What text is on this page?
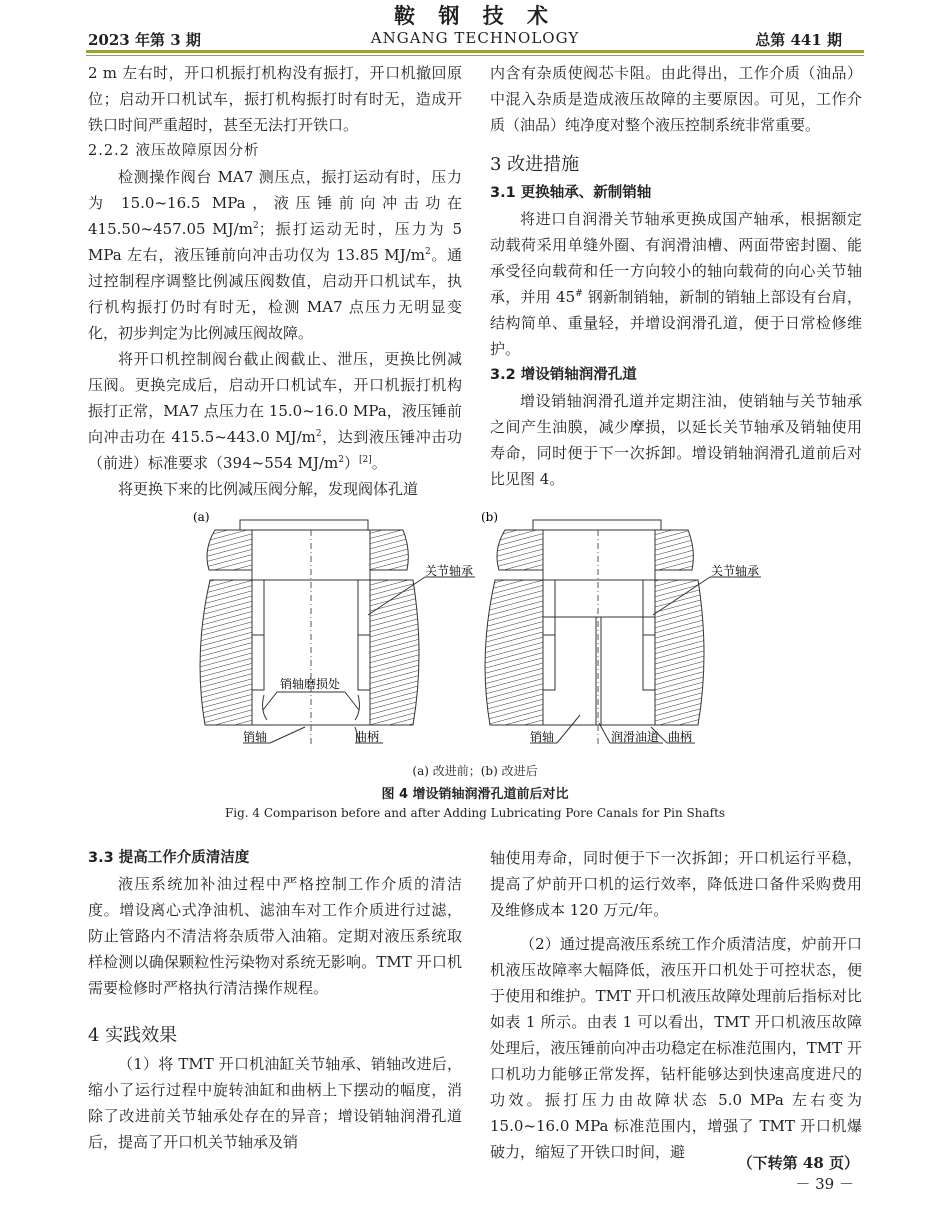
鞍 钢 技 术
2023 年第 3 期	ANGANG TECHNOLOGY	总第 441 期

2 m 左右时，开口机振打机构没有振打，开口机撤回原位；启动开口机试车，振打机构振打时有时无，造成开铁口时间严重超时，甚至无法打开铁口。

2.2.2 液压故障原因分析

检测操作阀台 MA7 测压点，振打运动有时，压力为 15.0~16.5 MPa，液压锤前向冲击功在 415.50~457.05 $MJ/m^2$；振打运动无时，压力为 5 MPa 左右，液压锤前向冲击功仅为 13.85 $MJ/m^2$。通过控制程序调整比例减压阀数值，启动开口机试车，执行机构振打仍时有时无，检测 MA7 点压力无明显变化，初步判定为比例减压阀故障。

将开口机控制阀台截止阀截止、泄压，更换比例减压阀。更换完成后，启动开口机试车，开口机振打机构振打正常，MA7 点压力在 15.0~16.0 MPa，液压锤前向冲击功在 415.5~443.0 $MJ/m^2$，达到液压锤冲击功（前进）标准要求（394~554 $MJ/m^2)[2]$。

将更换下来的比例减压阀分解，发现阀体孔道

内含有杂质使阀芯卡阻。由此得出，工作介质（油品）中混入杂质是造成液压故障的主要原因。可见，工作介质（油品）纯净度对整个液压控制系统非常重要。

3 改进措施

3.1 更换轴承、新制销轴

将进口自润滑关节轴承更换成国产轴承，根据额定动载荷采用单缝外圈、有润滑油槽、两面带密封圈、能承受径向载荷和任一方向较小的轴向载荷的向心关节轴承，并用 45# 钢新制销轴，新制的销轴上部设有台肩，结构简单、重量轻，并增设润滑孔道，便于日常检修维护。

3.2 增设销轴润滑孔道

增设销轴润滑孔道并定期注油，使销轴与关节轴承之间产生油膜，减少摩损，以延长关节轴承及销轴使用寿命，同时便于下一次拆卸。增设销轴润滑孔道前后对比见图 4。

(a)
关节轴承
销轴磨损处
销轴	曲柄
(b)
关节轴承
销轴	润滑油道 曲柄
(a) 改进前；(b) 改进后
图 4 增设销轴润滑孔道前后对比
Fig. 4 Comparison before and after Adding Lubricating Pore Canals for Pin Shafts

3.3 提高工作介质清洁度

液压系统加补油过程中严格控制工作介质的清洁度。增设离心式净油机、滤油车对工作介质进行过滤，防止管路内不清洁将杂质带入油箱。定期对液压系统取样检测以确保颗粒性污染物对系统无影响。TMT 开口机需要检修时严格执行清洁操作规程。

4 实践效果

（1）将 TMT 开口机油缸关节轴承、销轴改进后，缩小了运行过程中旋转油缸和曲柄上下摆动的幅度，消除了改进前关节轴承处存在的异音；增设销轴润滑孔道后，提高了开口机关节轴承及销

轴使用寿命，同时便于下一次拆卸；开口机运行平稳，提高了炉前开口机的运行效率，降低进口备件采购费用及维修成本 120 万元/年。

（2）通过提高液压系统工作介质清洁度，炉前开口机液压故障率大幅降低，液压开口机处于可控状态，便于使用和维护。TMT 开口机液压故障处理前后指标对比如表 1 所示。由表 1 可以看出，TMT 开口机液压故障处理后，液压锤前向冲击功稳定在标准范围内，TMT 开口机功力能够正常发挥，钻杆能够达到快速高度进尺的功效。振打压力由故障状态 5.0 MPa 左右变为 15.0~16.0 MPa 标准范围内，增强了 TMT 开口机爆破力，缩短了开铁口时间，避

（下转第 48 页）
－ 39 －
